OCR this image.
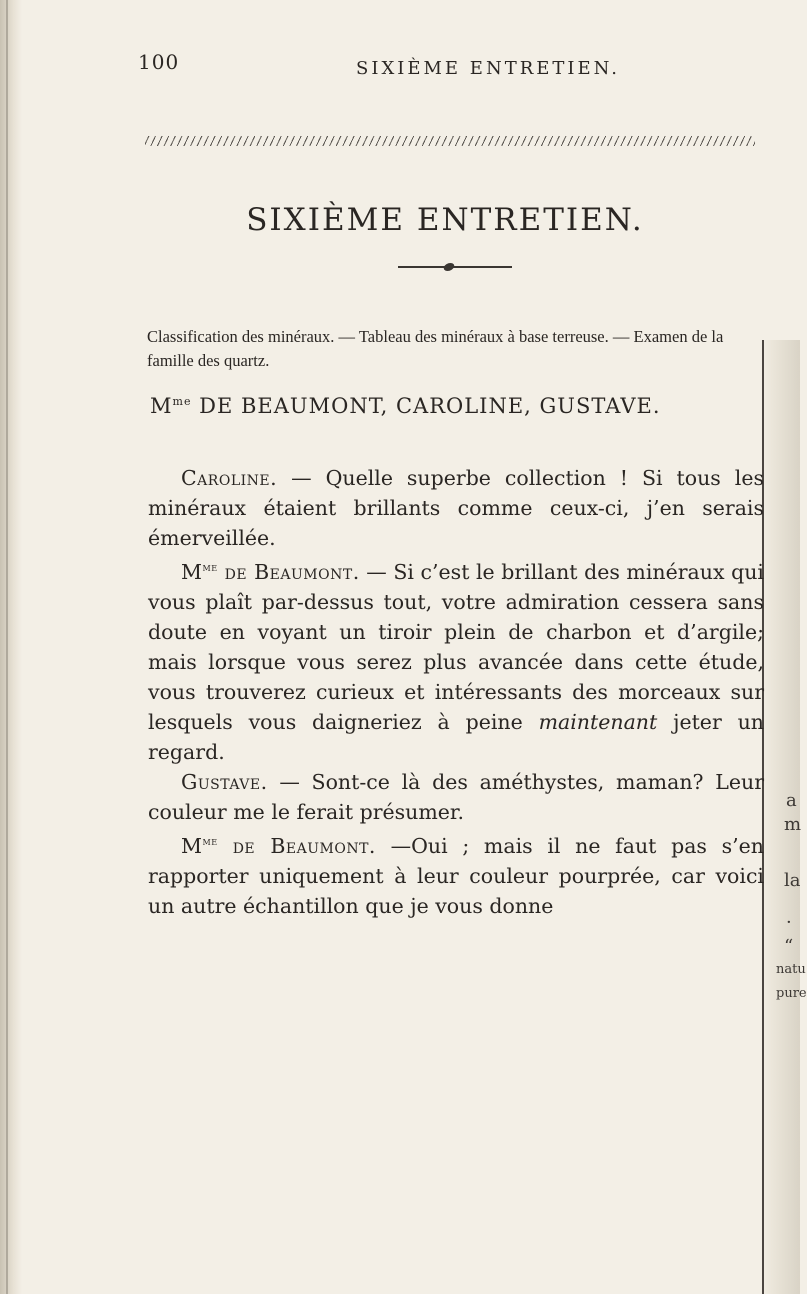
100	SIXIÈME ENTRETIEN.
SIXIÈME ENTRETIEN.

Classification des minéraux. — Tableau des minéraux à base terreuse. — Examen de la famille des quartz.

$M^{me}$ DE BEAUMONT, CAROLINE, GUSTAVE.

Caroline. — Quelle superbe collection ! Si tous les minéraux étaient brillants comme ceux-ci, j’en serais émerveillée.

$M^{me}$ de Beaumont. — Si c’est le brillant des minéraux qui vous plaît par-dessus tout, votre admiration cessera sans doute en voyant un tiroir plein de charbon et d’argile; mais lorsque vous serez plus avancée dans cette étude, vous trouverez curieux et intéressants des morceaux sur lesquels vous daigneriez à peine maintenant jeter un regard.

Gustave. — Sont-ce là des améthystes, maman? Leur couleur me le ferait présumer.

$M^{me}$ de Beaumont. —Oui ; mais il ne faut pas s’en rapporter uniquement à leur couleur pourprée, car voici un autre échantillon que je vous donne

a
m
la
·
“
natu
pure
